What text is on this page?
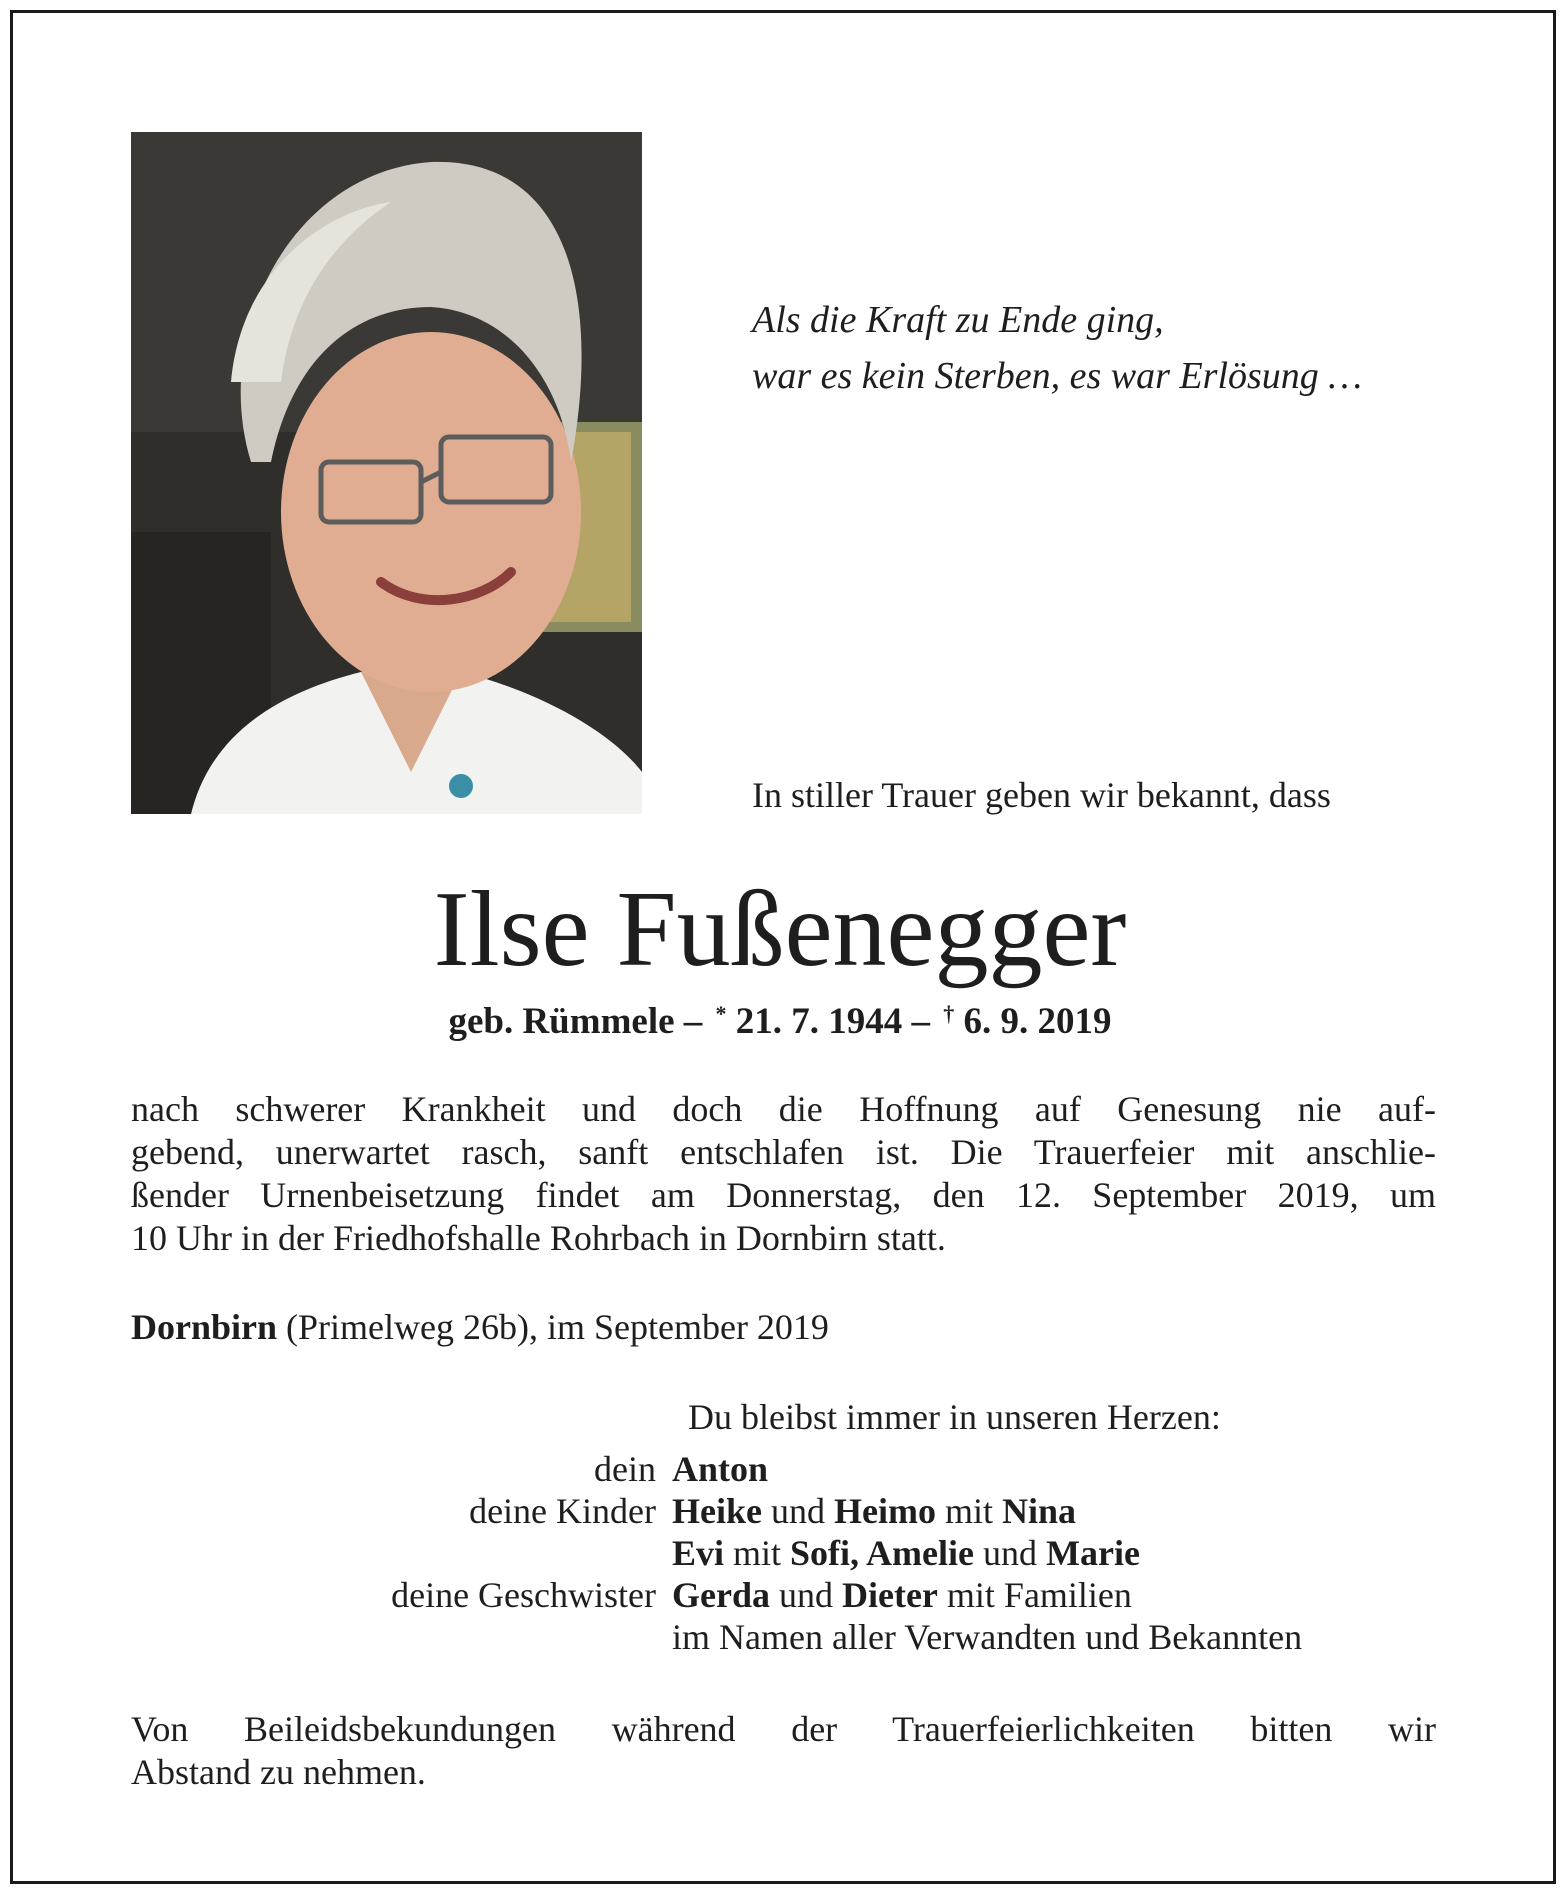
Als die Kraft zu Ende ging,
war es kein Sterben, es war Erlösung …
In stiller Trauer geben wir bekannt, dass
Ilse Fußenegger
geb. Rümmele – * 21. 7. 1944 – † 6. 9. 2019
nach schwerer Krankheit und doch die Hoffnung auf Genesung nie auf-
gebend, unerwartet rasch, sanft entschlafen ist. Die Trauerfeier mit anschlie-
ßender Urnenbeisetzung findet am Donnerstag, den 12. September 2019, um
10 Uhr in der Friedhofshalle Rohrbach in Dornbirn statt.
Dornbirn (Primelweg 26b), im September 2019
Du bleibst immer in unseren Herzen:
dein Anton
deine Kinder Heike und Heimo mit Nina
Evi mit Sofi, Amelie und Marie
deine Geschwister Gerda und Dieter mit Familien
im Namen aller Verwandten und Bekannten
Von Beileidsbekundungen während der Trauerfeierlichkeiten bitten wir
Abstand zu nehmen.
